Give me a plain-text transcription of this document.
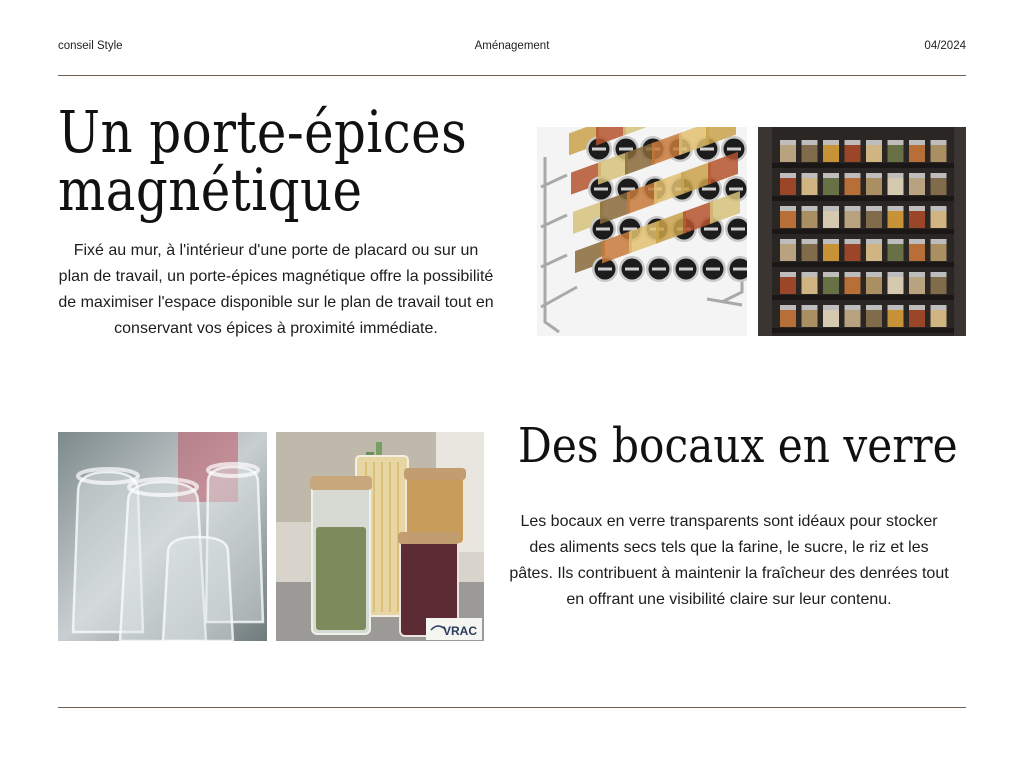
conseil Style	Aménagement	04/2024
Un porte-épices
magnétique

Fixé au mur, à l'intérieur d'une porte de placard ou sur un plan de travail, un porte-épices magnétique offre la possibilité de maximiser l'espace disponible sur le plan de travail tout en conservant vos épices à proximité immédiate.

VRAC
Des bocaux en verre

Les bocaux en verre transparents sont idéaux pour stocker des aliments secs tels que la farine, le sucre, le riz et les pâtes. Ils contribuent à maintenir la fraîcheur des denrées tout en offrant une visibilité claire sur leur contenu.
